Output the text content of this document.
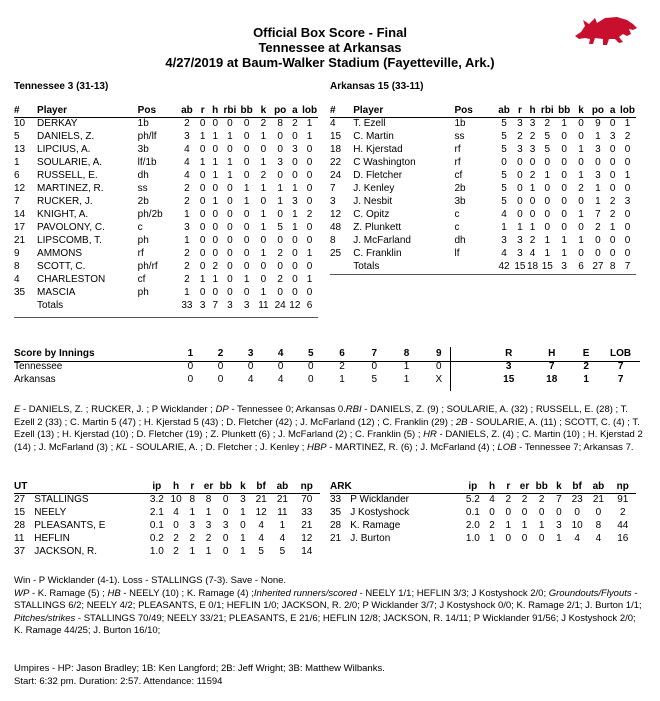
Official Box Score - Final
Tennessee at Arkansas
4/27/2019 at Baum-Walker Stadium (Fayetteville, Ark.)
Tennessee 3 (31-13)	Arkansas 15 (33-11)
#	Player	Pos	ab	r	h	rbi	bb	k	po	a	lob
10	DERKAY	1b	2	0	0	0	0	2	8	2	1
5	DANIELS, Z.	ph/lf	3	1	1	1	0	1	0	0	1
13	LIPCIUS, A.	3b	4	0	0	0	0	0	0	3	0
1	SOULARIE, A.	lf/1b	4	1	1	1	0	1	3	0	0
6	RUSSELL, E.	dh	4	0	1	1	0	2	0	0	0
12	MARTINEZ, R.	ss	2	0	0	0	1	1	1	1	0
7	RUCKER, J.	2b	2	0	1	0	1	0	1	3	0
14	KNIGHT, A.	ph/2b	1	0	0	0	0	1	0	1	2
17	PAVOLONY, C.	c	3	0	0	0	0	1	5	1	0
21	LIPSCOMB, T.	ph	1	0	0	0	0	0	0	0	0
9	AMMONS	rf	2	0	0	0	0	1	2	0	1
8	SCOTT, C.	ph/rf	2	0	2	0	0	0	0	0	0
4	CHARLESTON	cf	2	1	1	0	1	0	2	0	1
35	MASCIA	ph	1	0	0	0	0	1	0	0	0
	Totals		33	3	7	3	3	11	24	12	6
#	Player	Pos	ab	r	h	rbi	bb	k	po	a	lob
4	T. Ezell	1b	5	3	3	2	1	0	9	0	1
15	C. Martin	ss	5	2	2	5	0	0	1	3	2
18	H. Kjerstad	rf	5	3	3	5	0	1	3	0	0
22	C Washington	rf	0	0	0	0	0	0	0	0	0
24	D. Fletcher	cf	5	0	2	1	0	1	3	0	1
7	J. Kenley	2b	5	0	1	0	0	2	1	0	0
3	J. Nesbit	3b	5	0	0	0	0	0	1	2	3
12	C. Opitz	c	4	0	0	0	0	1	7	2	0
48	Z. Plunkett	c	1	1	1	0	0	0	2	1	0
8	J. McFarland	dh	3	3	2	1	1	1	0	0	0
25	C. Franklin	lf	4	3	4	1	1	0	0	0	0
	Totals		42	15	18	15	3	6	27	8	7
Score by Innings	1	2	3	4	5	6	7	8	9		R	H	E	LOB
Tennessee	0	0	0	0	0	2	0	1	0		3	7	2	7
Arkansas	0	0	4	4	0	1	5	1	X		15	18	1	7
E - DANIELS, Z. ; RUCKER, J. ; P Wicklander ; DP - Tennessee 0; Arkansas 0.RBI - DANIELS, Z. (9) ; SOULARIE, A. (32) ; RUSSELL, E. (28) ; T. Ezell 2 (33) ; C. Martin 5 (47) ; H. Kjerstad 5 (43) ; D. Fletcher (42) ; J. McFarland (12) ; C. Franklin (29) ; 2B - SOULARIE, A. (11) ; SCOTT, C. (4) ; T. Ezell (13) ; H. Kjerstad (10) ; D. Fletcher (19) ; Z. Plunkett (6) ; J. McFarland (2) ; C. Franklin (5) ; HR - DANIELS, Z. (4) ; C. Martin (10) ; H. Kjerstad 2 (14) ; J. McFarland (3) ; KL - SOULARIE, A. ; D. Fletcher ; J. Kenley ; HBP - MARTINEZ, R. (6) ; J. McFarland (4) ; LOB - Tennessee 7; Arkansas 7.
UT		ip	h	r	er	bb	k	bf	ab	np
27	STALLINGS	3.2	10	8	8	0	3	21	21	70
15	NEELY	2.1	4	1	1	0	1	12	11	33
28	PLEASANTS, E	0.1	0	3	3	3	0	4	1	21
11	HEFLIN	0.2	2	2	2	0	1	4	4	12
37	JACKSON, R.	1.0	2	1	1	0	1	5	5	14
ARK		ip	h	r	er	bb	k	bf	ab	np
33	P Wicklander	5.2	4	2	2	2	7	23	21	91
35	J Kostyshock	0.1	0	0	0	0	0	0	0	2
28	K. Ramage	2.0	2	1	1	1	3	10	8	44
21	J. Burton	1.0	1	0	0	0	1	4	4	16
Win - P Wicklander (4-1). Loss - STALLINGS (7-3). Save - None.
WP - K. Ramage (5) ; HB - NEELY (10) ; K. Ramage (4) ;Inherited runners/scored - NEELY 1/1; HEFLIN 3/3; J Kostyshock 2/0; Groundouts/Flyouts - STALLINGS 6/2; NEELY 4/2; PLEASANTS, E 0/1; HEFLIN 1/0; JACKSON, R. 2/0; P Wicklander 3/7; J Kostyshock 0/0; K. Ramage 2/1; J. Burton 1/1; Pitches/strikes - STALLINGS 70/49; NEELY 33/21; PLEASANTS, E 21/6; HEFLIN 12/8; JACKSON, R. 14/11; P Wicklander 91/56; J Kostyshock 2/0; K. Ramage 44/25; J. Burton 16/10;
Umpires - HP: Jason Bradley; 1B: Ken Langford; 2B: Jeff Wright; 3B: Matthew Wilbanks.
Start: 6:32 pm. Duration: 2:57. Attendance: 11594
